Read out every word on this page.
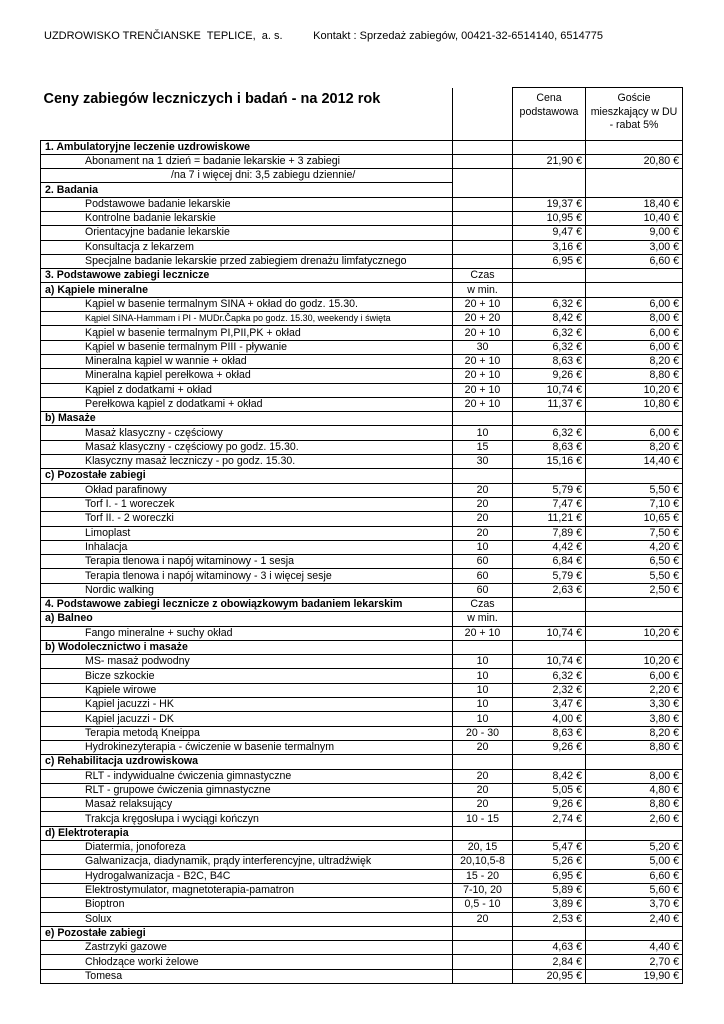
UZDROWISKO TRENČIANSKE  TEPLICE,  a. s.	Kontakt : Sprzedaż zabiegów, 00421-32-6514140, 6514775
Ceny zabiegów leczniczych i badań - na 2012 rok		Cena podstawowa	Goście mieszkający w DU - rabat 5%
1. Ambulatoryjne leczenie uzdrowiskowe			
Abonament na 1 dzień = badanie lekarskie + 3 zabiegi		21,90 €	20,80 €
/na 7 i więcej dni: 3,5 zabiegu dziennie/			
2. Badania			
Podstawowe badanie lekarskie		19,37 €	18,40 €
Kontrolne badanie lekarskie		10,95 €	10,40 €
Orientacyjne badanie lekarskie		9,47 €	9,00 €
Konsultacja z lekarzem		3,16 €	3,00 €
Specjalne badanie lekarskie przed zabiegiem drenażu limfatycznego		6,95 €	6,60 €
3. Podstawowe zabiegi lecznicze	Czas		
a) Kąpiele mineralne	w min.		
Kąpiel w basenie termalnym SINA + okład do godz. 15.30.	20 + 10	6,32 €	6,00 €
Kąpiel SINA-Hammam i PI - MUDr.Čapka po godz. 15.30, weekendy i święta	20 + 20	8,42 €	8,00 €
Kąpiel w basenie termalnym PI,PII,PK + okład	20 + 10	6,32 €	6,00 €
Kąpiel w basenie termalnym PIII - pływanie	30	6,32 €	6,00 €
Mineralna kąpiel w wannie + okład	20 + 10	8,63 €	8,20 €
Mineralna kąpiel perełkowa + okład	20 + 10	9,26 €	8,80 €
Kąpiel z dodatkami + okład	20 + 10	10,74 €	10,20 €
Perełkowa kąpiel z dodatkami + okład	20 + 10	11,37 €	10,80 €
b) Masaże			
Masaż klasyczny - częściowy	10	6,32 €	6,00 €
Masaż klasyczny - częściowy po godz. 15.30.	15	8,63 €	8,20 €
Klasyczny masaż leczniczy - po godz. 15.30.	30	15,16 €	14,40 €
c) Pozostałe zabiegi			
Okład parafinowy	20	5,79 €	5,50 €
Torf I. - 1 woreczek	20	7,47 €	7,10 €
Torf II. - 2 woreczki	20	11,21 €	10,65 €
Limoplast	20	7,89 €	7,50 €
Inhalacja	10	4,42 €	4,20 €
Terapia tlenowa i napój witaminowy - 1 sesja	60	6,84 €	6,50 €
Terapia tlenowa i napój witaminowy - 3 i więcej sesje	60	5,79 €	5,50 €
Nordic walking	60	2,63 €	2,50 €
4. Podstawowe zabiegi lecznicze z obowiązkowym badaniem lekarskim	Czas		
a) Balneo	w min.		
Fango mineralne + suchy okład	20 + 10	10,74 €	10,20 €
b) Wodolecznictwo i masaże			
MS- masaż podwodny	10	10,74 €	10,20 €
Bicze szkockie	10	6,32 €	6,00 €
Kąpiele wirowe	10	2,32 €	2,20 €
Kąpiel jacuzzi - HK	10	3,47 €	3,30 €
Kąpiel jacuzzi - DK	10	4,00 €	3,80 €
Terapia metodą Kneippa	20 - 30	8,63 €	8,20 €
Hydrokinezyterapia - ćwiczenie w basenie termalnym	20	9,26 €	8,80 €
c) Rehabilitacja uzdrowiskowa			
RLT - indywidualne ćwiczenia gimnastyczne	20	8,42 €	8,00 €
RLT - grupowe ćwiczenia gimnastyczne	20	5,05 €	4,80 €
Masaż relaksujący	20	9,26 €	8,80 €
Trakcja kręgosłupa i wyciągi kończyn	10 - 15	2,74 €	2,60 €
d) Elektroterapia			
Diatermia, jonoforeza	20, 15	5,47 €	5,20 €
Galwanizacja, diadynamik, prądy interferencyjne, ultradźwięk	20,10,5-8	5,26 €	5,00 €
Hydrogalwanizacja - B2C, B4C	15 - 20	6,95 €	6,60 €
Elektrostymulator, magnetoterapia-pamatron	7-10, 20	5,89 €	5,60 €
Bioptron	0,5 - 10	3,89 €	3,70 €
Solux	20	2,53 €	2,40 €
e) Pozostałe zabiegi			
Zastrzyki gazowe		4,63 €	4,40 €
Chłodzące worki żelowe		2,84 €	2,70 €
Tomesa		20,95 €	19,90 €
